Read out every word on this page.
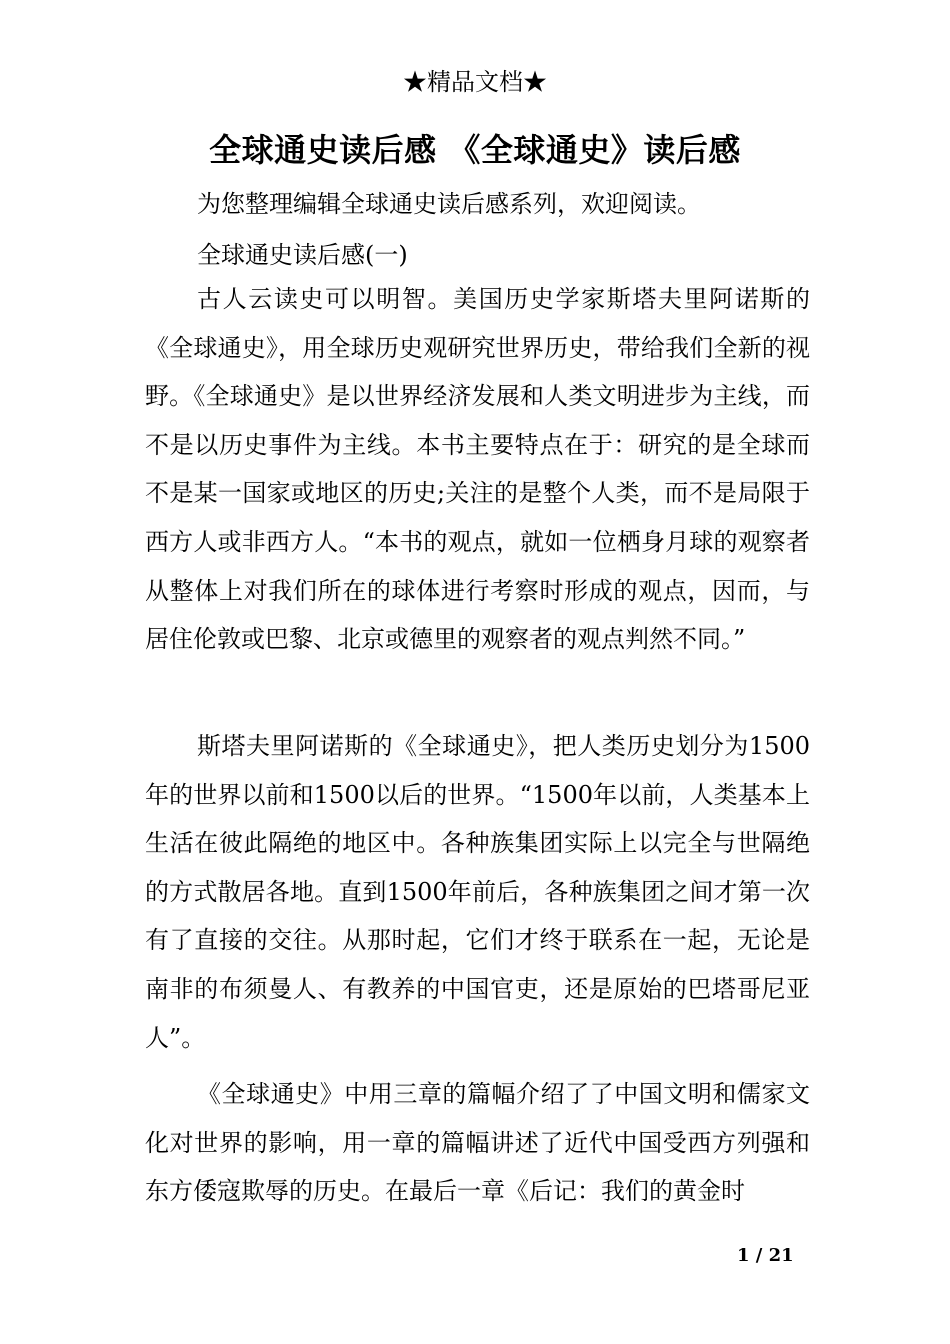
★精品文档★
全球通史读后感 《全球通史》读后感
为您整理编辑全球通史读后感系列，欢迎阅读。
全球通史读后感(一)

古人云读史可以明智。美国历史学家斯塔夫里阿诺斯的《全球通史》，用全球历史观研究世界历史，带给我们全新的视野。《全球通史》是以世界经济发展和人类文明进步为主线，而不是以历史事件为主线。本书主要特点在于：研究的是全球而不是某一国家或地区的历史;关注的是整个人类，而不是局限于西方人或非西方人。“本书的观点，就如一位栖身月球的观察者从整体上对我们所在的球体进行考察时形成的观点，因而，与居住伦敦或巴黎、北京或德里的观察者的观点判然不同。”

斯塔夫里阿诺斯的《全球通史》，把人类历史划分为1500年的世界以前和1500以后的世界。“1500年以前，人类基本上生活在彼此隔绝的地区中。各种族集团实际上以完全与世隔绝的方式散居各地。直到1500年前后，各种族集团之间才第一次有了直接的交往。从那时起，它们才终于联系在一起，无论是南非的布须曼人、有教养的中国官吏，还是原始的巴塔哥尼亚人”。

《全球通史》中用三章的篇幅介绍了了中国文明和儒家文化对世界的影响，用一章的篇幅讲述了近代中国受西方列强和东方倭寇欺辱的历史。在最后一章《后记：我们的黄金时

1 / 21
